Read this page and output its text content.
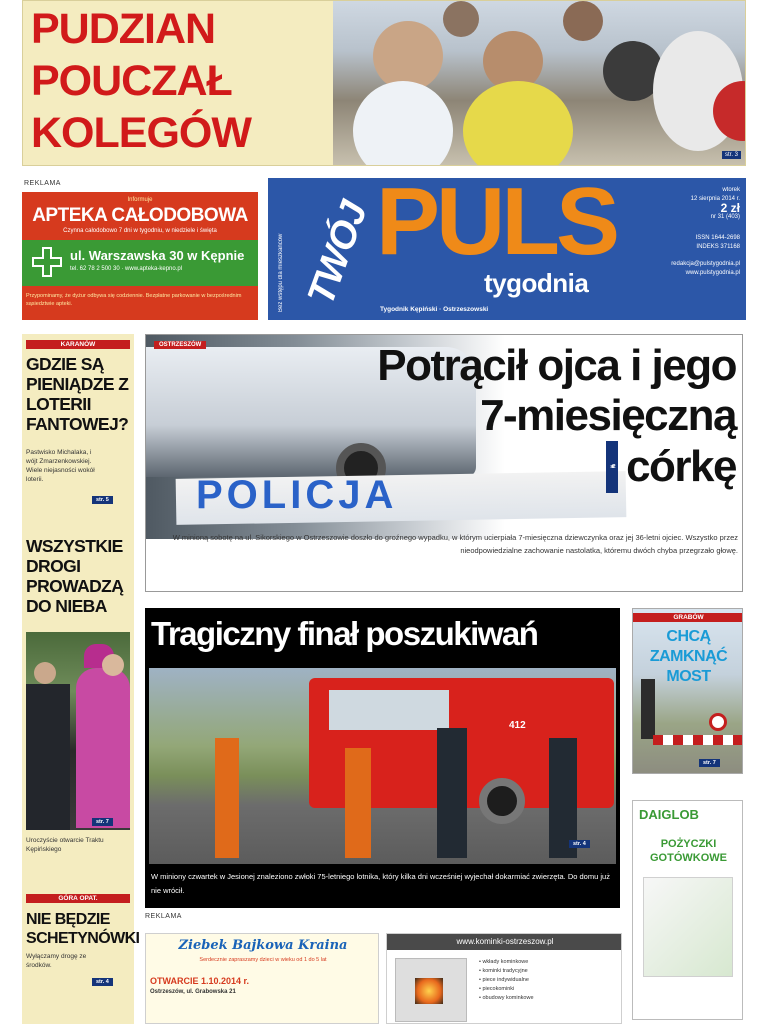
PUDZIAN
POUCZAŁ
KOLEGÓW	str. 3
REKLAMA
Informuje
APTEKA CAŁODOBOWA
Czynna całodobowo 7 dni w tygodniu, w niedziele i święta
ul. Warszawska 30 w Kępnie
tel. 62 78 2 500 30 · www.apteka-kepno.pl
Przypominamy, że dyżur odbywa się codziennie. Bezpłatne parkowanie w bezpośrednim sąsiedztwie apteki.	Bez wstępu dla mieszkańców TWÓJ PULS
tygodnia
Tygodnik Kępiński · Ostrzeszowski
wtorek
12 sierpnia 2014 r.
2 zł
nr 31 (403)
ISSN 1644-2698
INDEKS 371168
redakcja@pulstygodnia.pl
www.pulstygodnia.pl
KARANÓW
GDZIE SĄ PIENIĄDZE Z LOTERII FANTOWEJ?
Pastwisko Michalaka, i wójt Zmarzenkowskiej. Wiele niejasności wokół loterii.
str. 5
WSZYSTKIE DROGI PROWADZĄ DO NIEBA
str. 7
Uroczyście otwarcie Traktu Kępińskiego
GÓRA OPAT.
NIE BĘDZIE SCHETYNÓWKI
Wyłączamy drogę ze środków.
str. 4
POLICJA
OSTRZESZÓW	Potrącił ojca i jego
7-miesięczną
str. 2 córkę
W minioną sobotę na ul. Sikorskiego w Ostrzeszowie doszło do groźnego wypadku, w którym ucierpiała 7-miesięczna dziewczynka oraz jej 36-letni ojciec. Wszystko przez nieodpowiedzialne zachowanie nastolatka, któremu dwóch chyba przegrzało głowę.
Tragiczny finał poszukiwań
412
str. 4
W miniony czwartek w Jesionej znaleziono zwłoki 75-letniego lotnika, który kilka dni wcześniej wyjechał dokarmiać zwierzęta. Do domu już nie wrócił.
GRABÓW
CHCĄ ZAMKNĄĆ MOST
str. 7
DAIGLOB
POŻYCZKI GOTÓWKOWE
REKLAMA
Ziebek Bajkowa Kraina
Serdecznie zapraszamy dzieci w wieku od 1 do 5 lat
OTWARCIE 1.10.2014 r.
Ostrzeszów, ul. Grabowska 21
www.kominki-ostrzeszow.pl
• wkłady kominkowe
• kominki tradycyjne
• piece indywidualne
• piecokominki
• obudowy kominkowe
